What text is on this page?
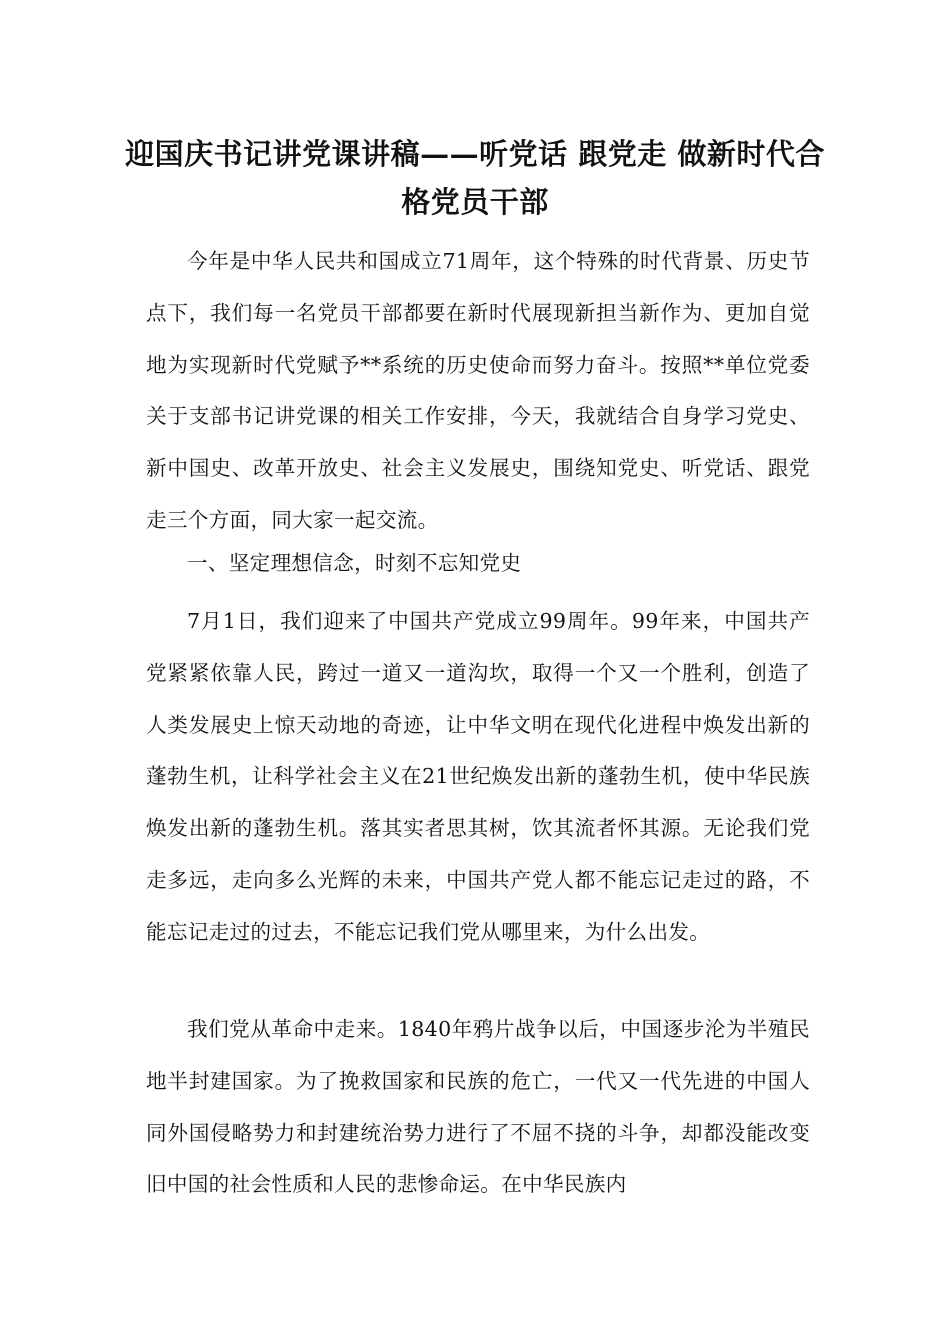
迎国庆书记讲党课讲稿——听党话 跟党走 做新时代合格党员干部

今年是中华人民共和国成立71周年，这个特殊的时代背景、历史节点下，我们每一名党员干部都要在新时代展现新担当新作为、更加自觉地为实现新时代党赋予**系统的历史使命而努力奋斗。按照**单位党委关于支部书记讲党课的相关工作安排，今天，我就结合自身学习党史、新中国史、改革开放史、社会主义发展史，围绕知党史、听党话、跟党走三个方面，同大家一起交流。

一、坚定理想信念，时刻不忘知党史

7月1日，我们迎来了中国共产党成立99周年。99年来，中国共产党紧紧依靠人民，跨过一道又一道沟坎，取得一个又一个胜利，创造了人类发展史上惊天动地的奇迹，让中华文明在现代化进程中焕发出新的蓬勃生机，让科学社会主义在21世纪焕发出新的蓬勃生机，使中华民族焕发出新的蓬勃生机。落其实者思其树，饮其流者怀其源。无论我们党走多远，走向多么光辉的未来，中国共产党人都不能忘记走过的路，不能忘记走过的过去，不能忘记我们党从哪里来，为什么出发。

我们党从革命中走来。1840年鸦片战争以后，中国逐步沦为半殖民地半封建国家。为了挽救国家和民族的危亡，一代又一代先进的中国人同外国侵略势力和封建统治势力进行了不屈不挠的斗争，却都没能改变旧中国的社会性质和人民的悲惨命运。在中华民族内
